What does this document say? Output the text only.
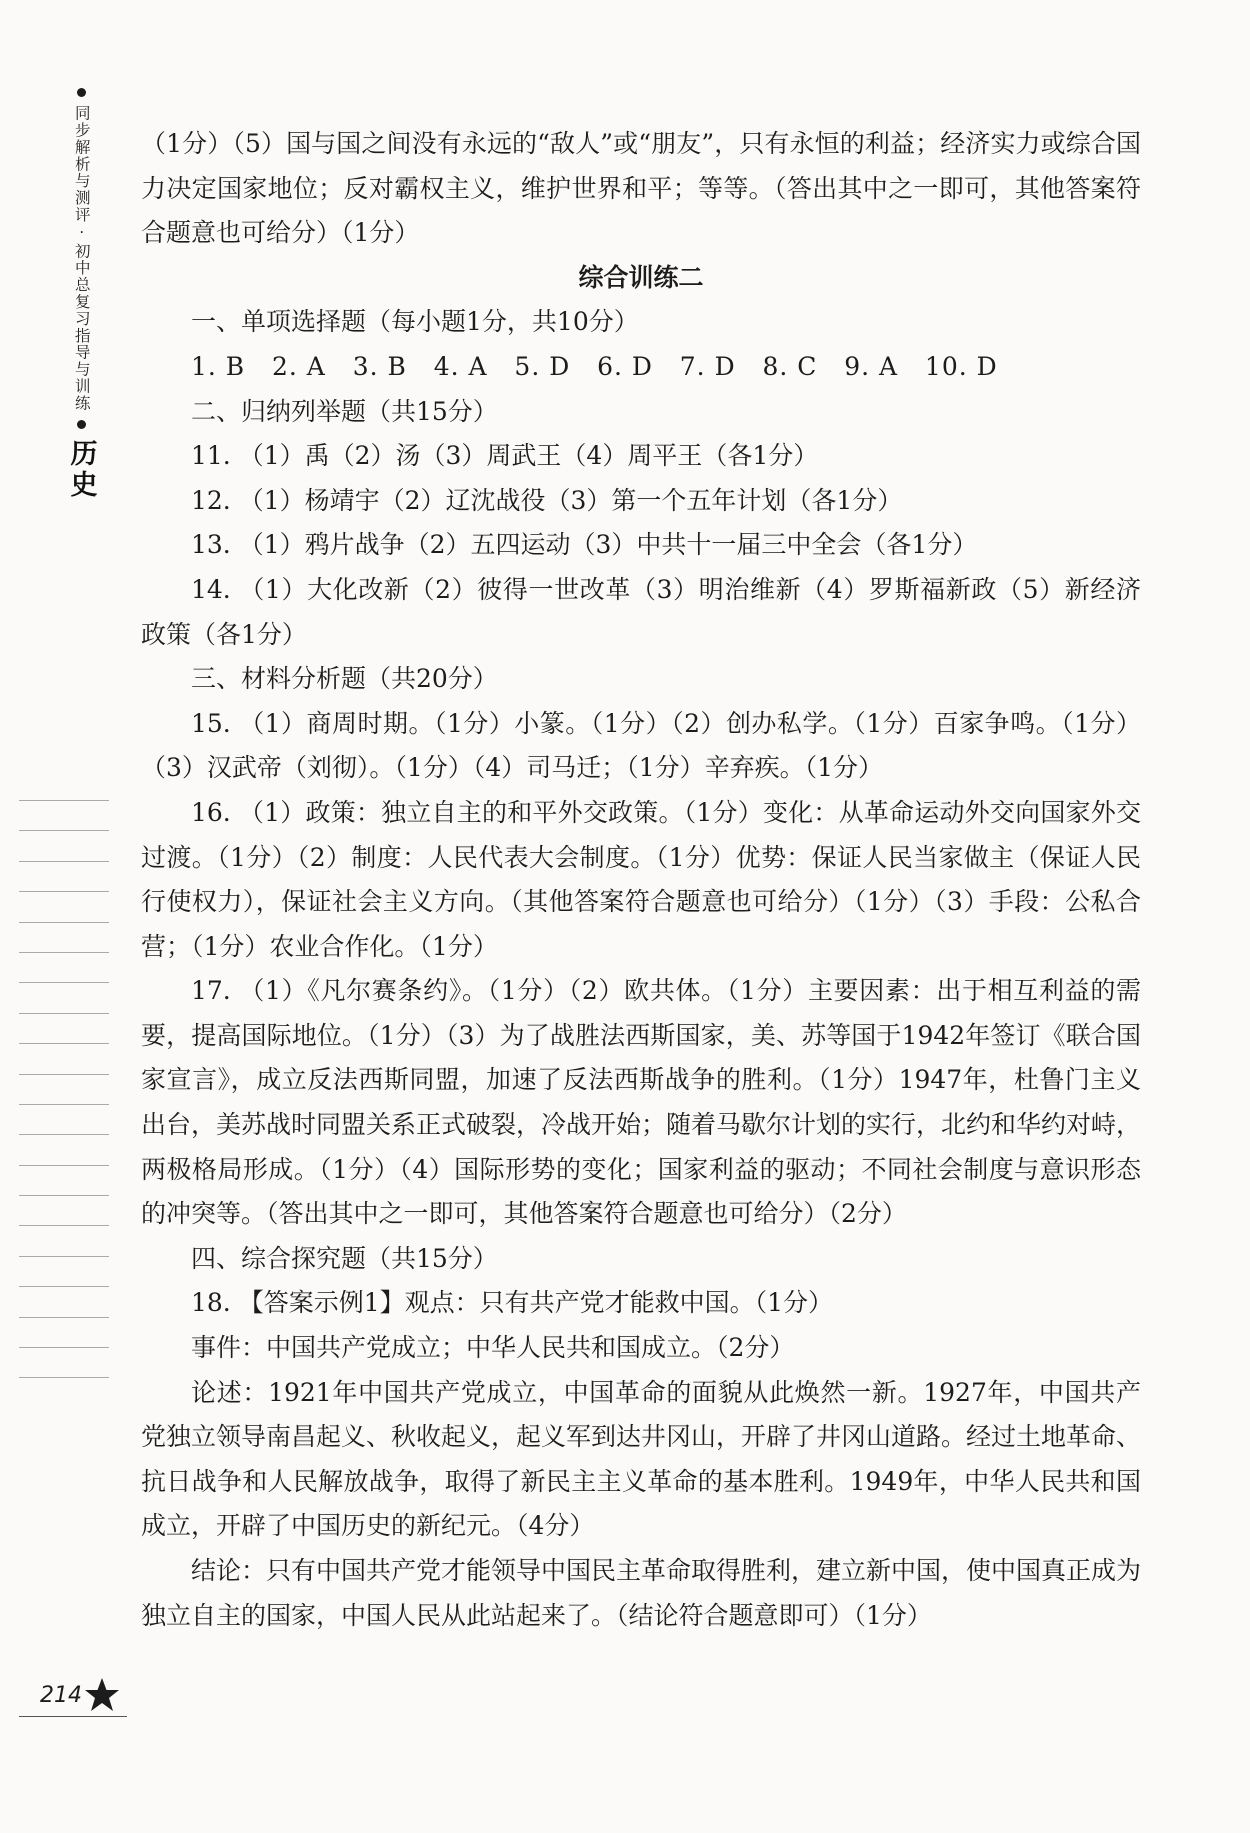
同步解析与测评·初中总复习指导与训练
历史

（1分）（5）国与国之间没有永远的“敌人”或“朋友”，只有永恒的利益；经济实力或综合国力决定国家地位；反对霸权主义，维护世界和平；等等。（答出其中之一即可，其他答案符合题意也可给分）（1分）

综合训练二

一、单项选择题（每小题1分，共10分）

1. B   2. A   3. B   4. A   5. D   6. D   7. D   8. C   9. A   10. D

二、归纳列举题（共15分）

11. （1）禹（2）汤（3）周武王（4）周平王（各1分）

12. （1）杨靖宇（2）辽沈战役（3）第一个五年计划（各1分）

13. （1）鸦片战争（2）五四运动（3）中共十一届三中全会（各1分）

14. （1）大化改新（2）彼得一世改革（3）明治维新（4）罗斯福新政（5）新经济政策（各1分）

三、材料分析题（共20分）

15. （1）商周时期。（1分）小篆。（1分）（2）创办私学。（1分）百家争鸣。（1分）（3）汉武帝（刘彻）。（1分）（4）司马迁；（1分）辛弃疾。（1分）

16. （1）政策：独立自主的和平外交政策。（1分）变化：从革命运动外交向国家外交过渡。（1分）（2）制度：人民代表大会制度。（1分）优势：保证人民当家做主（保证人民行使权力），保证社会主义方向。（其他答案符合题意也可给分）（1分）（3）手段：公私合营；（1分）农业合作化。（1分）

17. （1）《凡尔赛条约》。（1分）（2）欧共体。（1分）主要因素：出于相互利益的需要，提高国际地位。（1分）（3）为了战胜法西斯国家，美、苏等国于1942年签订《联合国家宣言》，成立反法西斯同盟，加速了反法西斯战争的胜利。（1分）1947年，杜鲁门主义出台，美苏战时同盟关系正式破裂，冷战开始；随着马歇尔计划的实行，北约和华约对峙，两极格局形成。（1分）（4）国际形势的变化；国家利益的驱动；不同社会制度与意识形态的冲突等。（答出其中之一即可，其他答案符合题意也可给分）（2分）

四、综合探究题（共15分）

18. 【答案示例1】观点：只有共产党才能救中国。（1分）

事件：中国共产党成立；中华人民共和国成立。（2分）

论述：1921年中国共产党成立，中国革命的面貌从此焕然一新。1927年，中国共产党独立领导南昌起义、秋收起义，起义军到达井冈山，开辟了井冈山道路。经过土地革命、抗日战争和人民解放战争，取得了新民主主义革命的基本胜利。1949年，中华人民共和国成立，开辟了中国历史的新纪元。（4分）

结论：只有中国共产党才能领导中国民主革命取得胜利，建立新中国，使中国真正成为独立自主的国家，中国人民从此站起来了。（结论符合题意即可）（1分）

214
